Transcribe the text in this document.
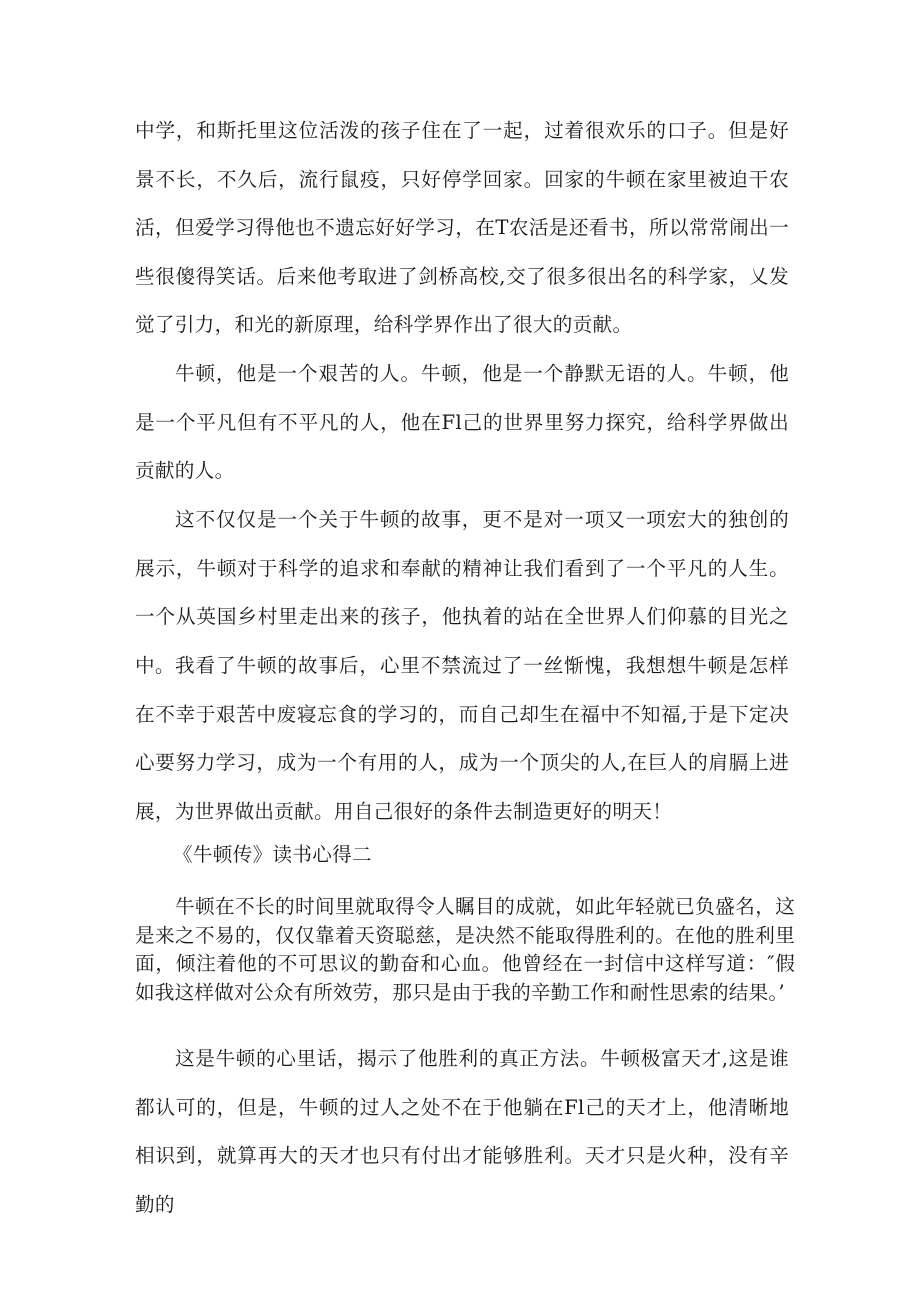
中学，和斯托里这位活泼的孩子住在了一起，过着很欢乐的口子。但是好景不长，不久后，流行鼠疫，只好停学回家。回家的牛顿在家里被迫干农活，但爱学习得他也不遗忘好好学习，在T农活是还看书，所以常常闹出一些很傻得笑话。后来他考取进了剑桥高校,交了很多很出名的科学家，乂发觉了引力，和光的新原理，给科学界作出了很大的贡献。

牛顿，他是一个艰苦的人。牛顿，他是一个静默无语的人。牛顿，他是一个平凡但有不平凡的人，他在Fl己的世界里努力探究，给科学界做出贡献的人。

这不仅仅是一个关于牛顿的故事，更不是对一项又一项宏大的独创的展示，牛顿对于科学的追求和奉献的精神让我们看到了一个平凡的人生。一个从英国乡村里走出来的孩子，他执着的站在全世界人们仰慕的目光之中。 我看了牛顿的故事后，心里不禁流过了一丝惭愧，我想想牛顿是怎样在不幸于艰苦中废寝忘食的学习的，而自己却生在福中不知福,于是下定决心要努力学习，成为一个有用的人，成为一个顶尖的人,在巨人的肩膈上进展，为世界做出贡献。用自己很好的条件去制造更好的明天！

《牛顿传》读书心得二

牛顿在不长的时间里就取得令人瞩目的成就，如此年轻就已负盛名，这是来之不易的，仅仅靠着天资聪慈，是决然不能取得胜利的。在他的胜利里面，倾注着他的不可思议的勤奋和心血。他曾经在一封信中这样写道：″假如我这样做对公众有所效劳，那只是由于我的辛勤工作和耐性思索的结果。’

这是牛顿的心里话，揭示了他胜利的真正方法。牛顿极富天才,这是谁都认可的，但是，牛顿的过人之处不在于他躺在Fl己的天才上，他清晰地相识到，就算再大的天才也只有付出才能够胜利。天才只是火种，没有辛勤的
